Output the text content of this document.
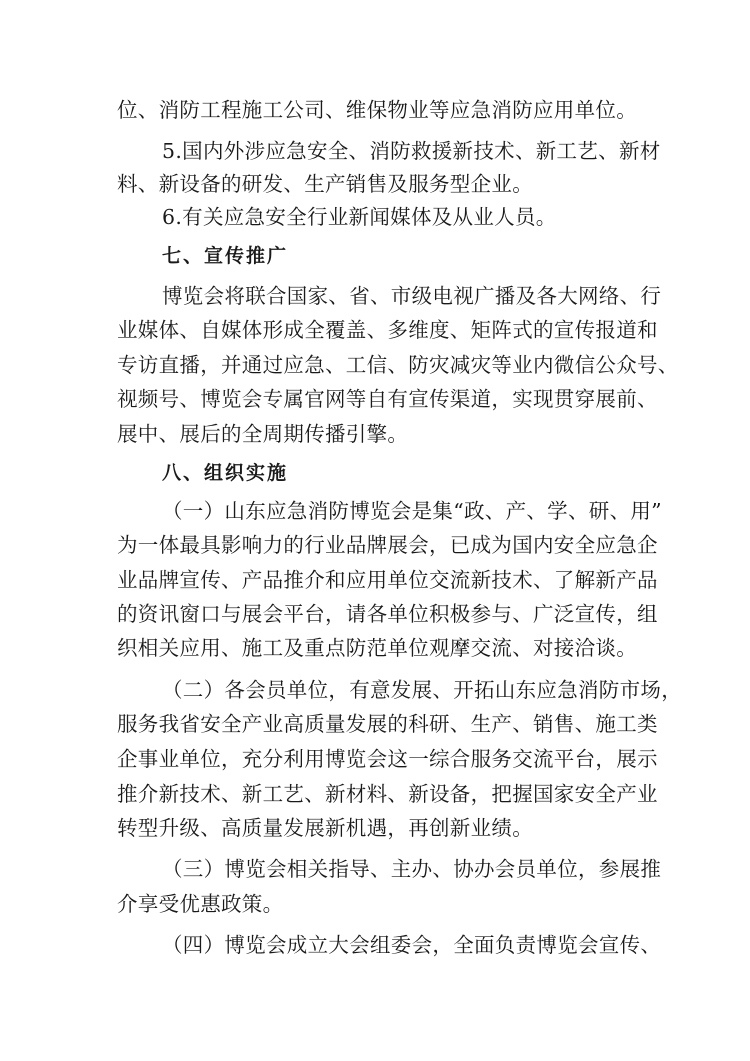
位、消防工程施工公司、维保物业等应急消防应用单位。

5.国内外涉应急安全、消防救援新技术、新工艺、新材

料、新设备的研发、生产销售及服务型企业。

6.有关应急安全行业新闻媒体及从业人员。

七、宣传推广

博览会将联合国家、省、市级电视广播及各大网络、行

业媒体、自媒体形成全覆盖、多维度、矩阵式的宣传报道和

专访直播，并通过应急、工信、防灾减灾等业内微信公众号、

视频号、博览会专属官网等自有宣传渠道，实现贯穿展前、

展中、展后的全周期传播引擎。

八、组织实施

（一）山东应急消防博览会是集“政、产、学、研、用”

为一体最具影响力的行业品牌展会，已成为国内安全应急企

业品牌宣传、产品推介和应用单位交流新技术、了解新产品

的资讯窗口与展会平台，请各单位积极参与、广泛宣传，组

织相关应用、施工及重点防范单位观摩交流、对接洽谈。

（二）各会员单位，有意发展、开拓山东应急消防市场，

服务我省安全产业高质量发展的科研、生产、销售、施工类

企事业单位，充分利用博览会这一综合服务交流平台，展示

推介新技术、新工艺、新材料、新设备，把握国家安全产业

转型升级、高质量发展新机遇，再创新业绩。

（三）博览会相关指导、主办、协办会员单位，参展推

介享受优惠政策。

（四）博览会成立大会组委会，全面负责博览会宣传、
